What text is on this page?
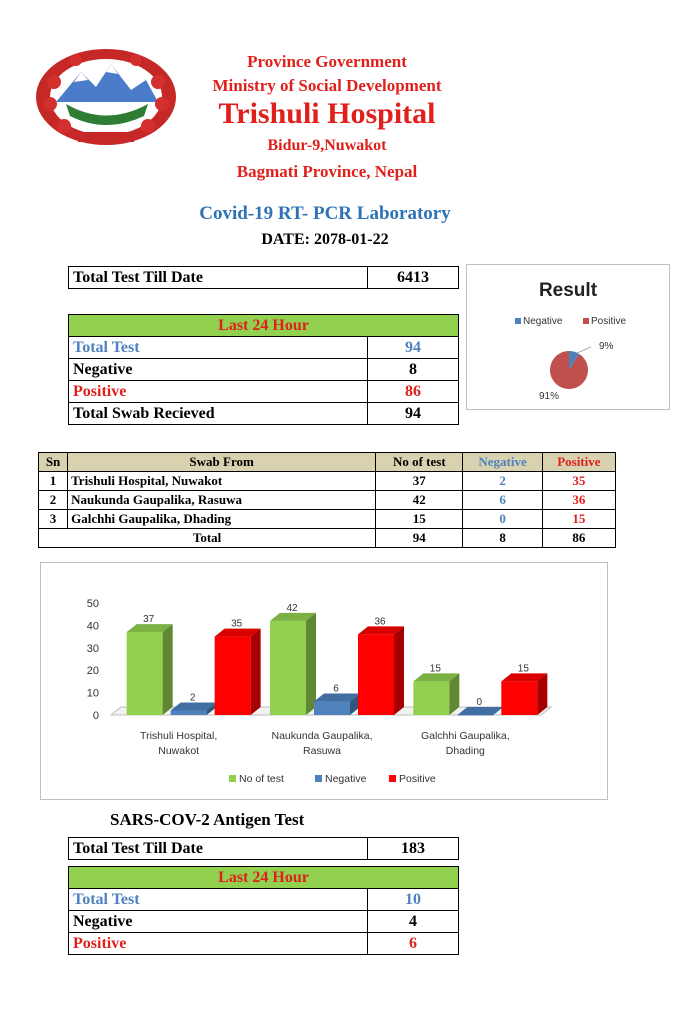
Province Government
Ministry of Social Development
Trishuli Hospital
Bidur-9,Nuwakot
Bagmati Province, Nepal
Covid-19 RT- PCR Laboratory
DATE: 2078-01-22
Total Test Till Date	6413
Last 24 Hour	
Total Test	94
Negative	8
Positive	86
Total Swab Recieved	94
Result
Negative	Positive
9%
91%
Sn	Swab From	No of test	Negative	Positive
1	Trishuli Hospital, Nuwakot	37	2	35
2	Naukunda Gaupalika, Rasuwa	42	6	36
3	Galchhi Gaupalika, Dhading	15	0	15
Total		94	8	86
0
10
20
30
40
50
37
2
35
Trishuli Hospital,
Nuwakot
42
6
36
Naukunda Gaupalika,
Rasuwa
15
0
15
Galchhi Gaupalika,
Dhading
No of test	Negative	Positive
SARS-COV-2 Antigen Test
Total Test Till Date	183
Last 24 Hour	
Total Test	10
Negative	4
Positive	6
